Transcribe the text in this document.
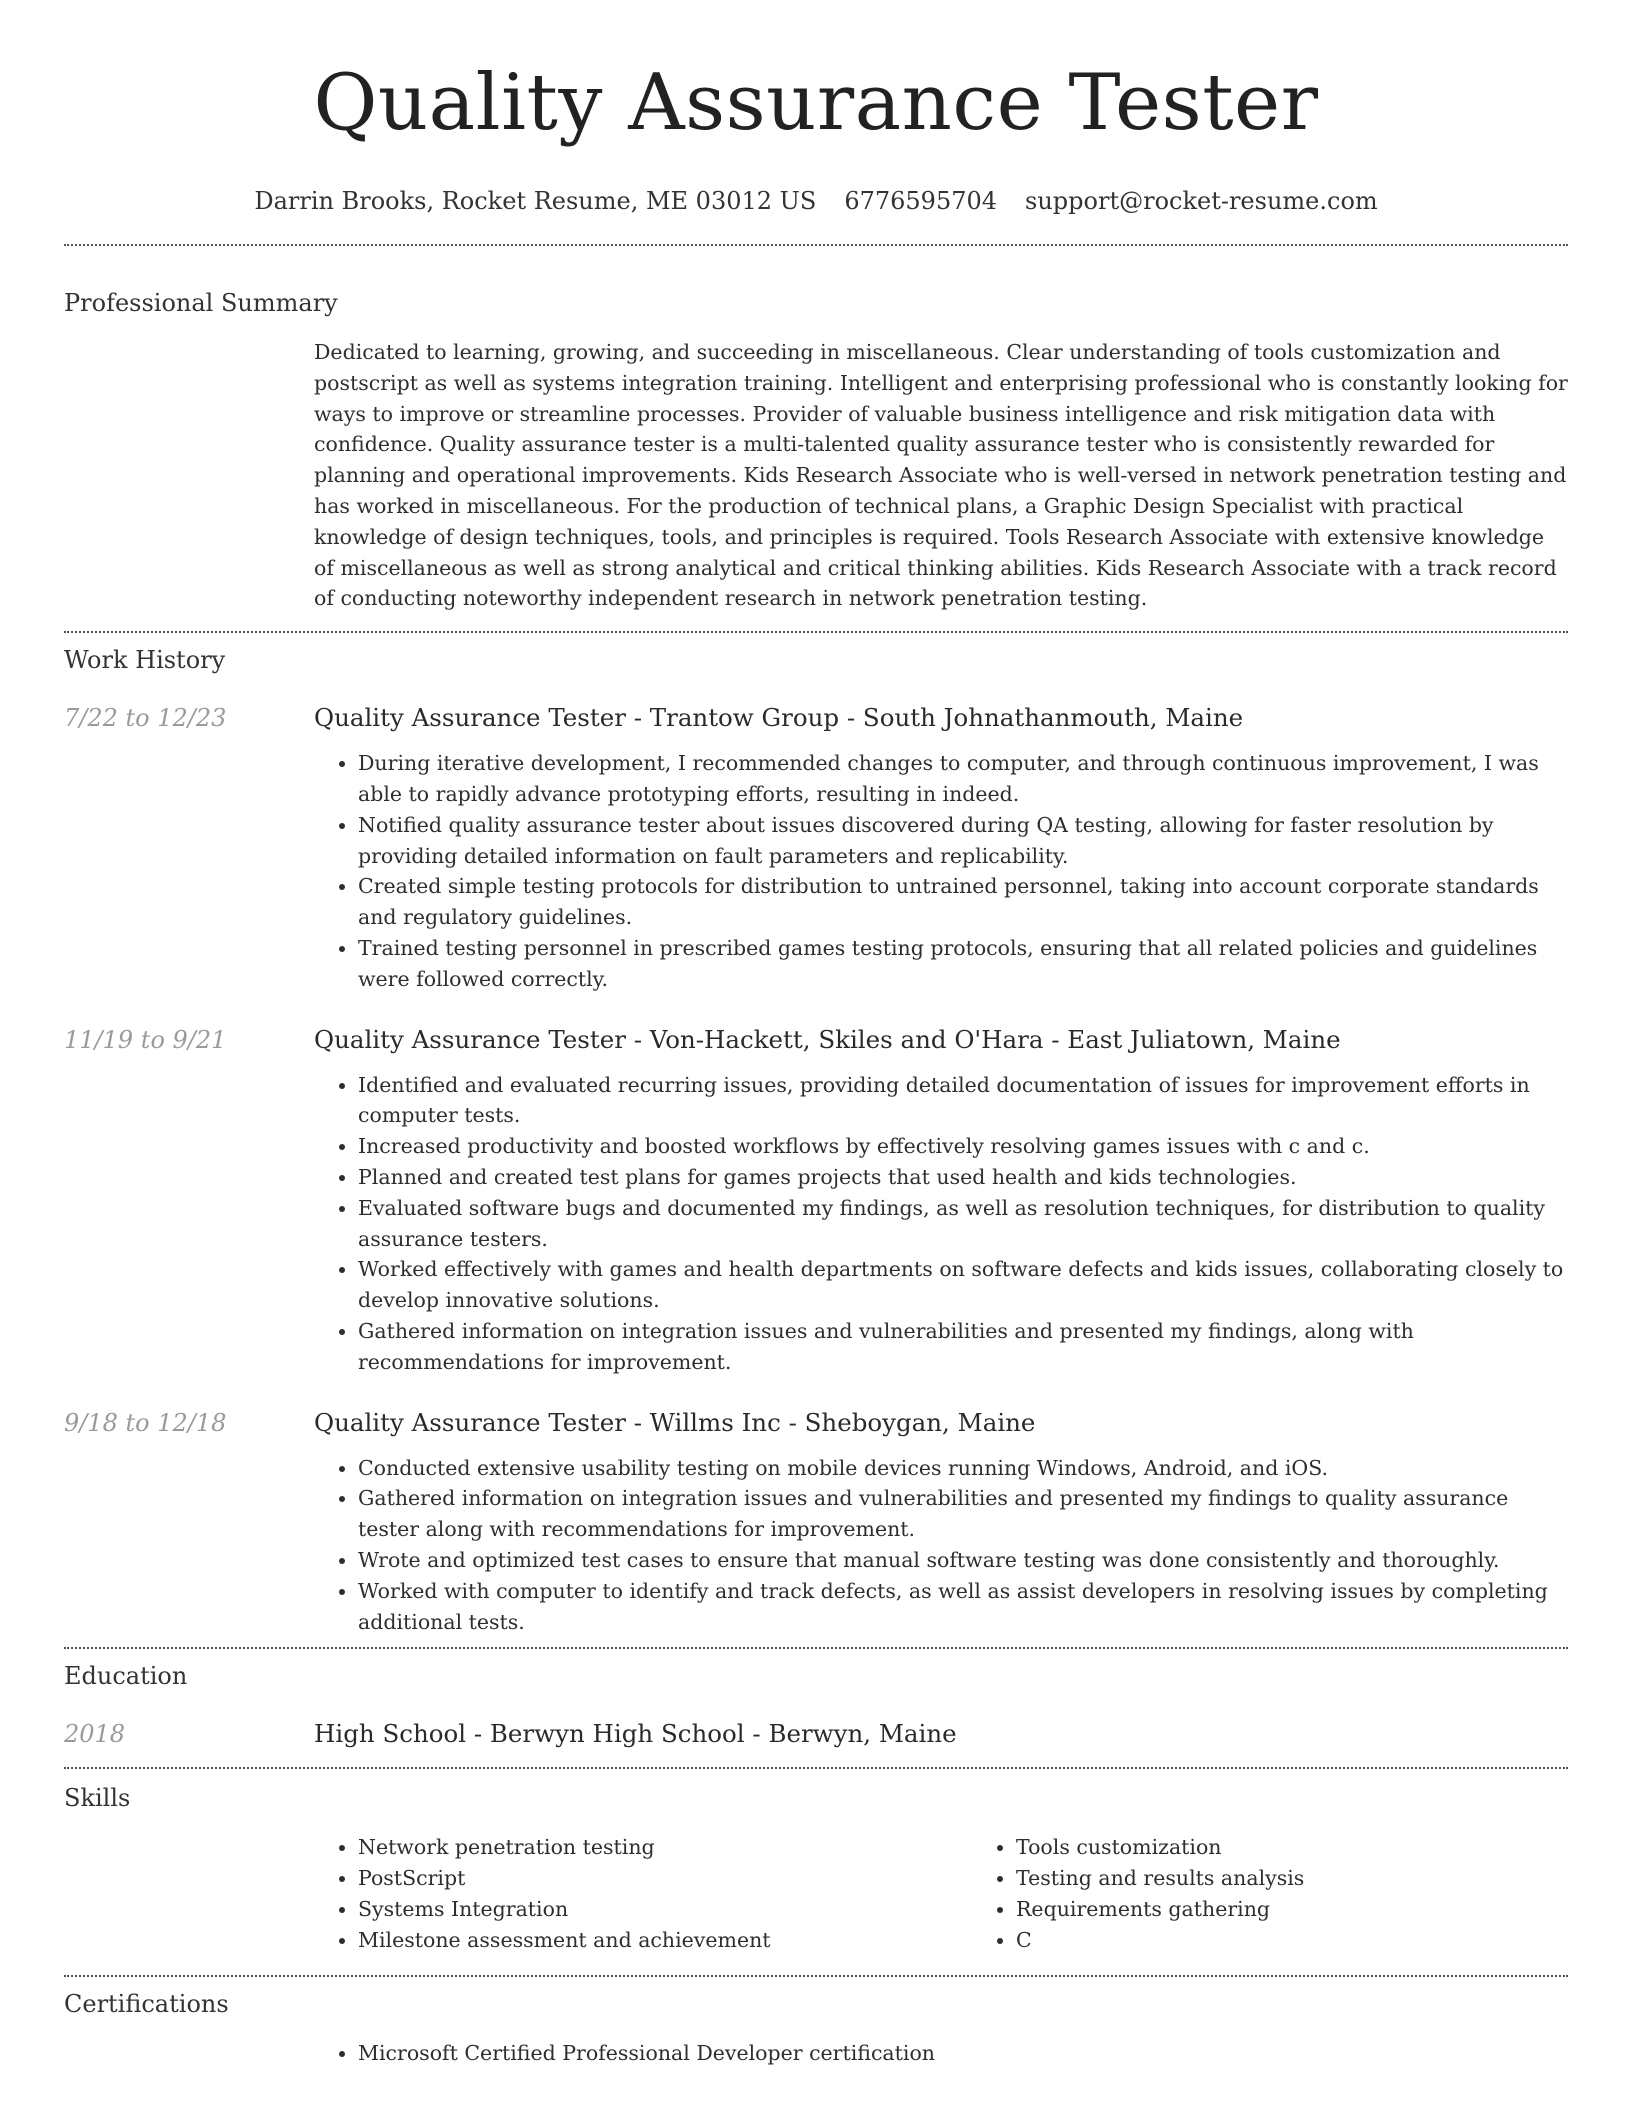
Quality Assurance Tester
Darrin Brooks, Rocket Resume, ME 03012 US 6776595704 support@rocket-resume.com
Professional Summary
Dedicated to learning, growing, and succeeding in miscellaneous. Clear understanding of tools customization and postscript as well as systems integration training. Intelligent and enterprising professional who is constantly looking for ways to improve or streamline processes. Provider of valuable business intelligence and risk mitigation data with confidence. Quality assurance tester is a multi-talented quality assurance tester who is consistently rewarded for planning and operational improvements. Kids Research Associate who is well-versed in network penetration testing and has worked in miscellaneous. For the production of technical plans, a Graphic Design Specialist with practical knowledge of design techniques, tools, and principles is required. Tools Research Associate with extensive knowledge of miscellaneous as well as strong analytical and critical thinking abilities. Kids Research Associate with a track record of conducting noteworthy independent research in network penetration testing.
Work History
7/22 to 12/23	Quality Assurance Tester - Trantow Group - South Johnathanmouth, Maine
• During iterative development, I recommended changes to computer, and through continuous improvement, I was able to rapidly advance prototyping efforts, resulting in indeed.
• Notified quality assurance tester about issues discovered during QA testing, allowing for faster resolution by providing detailed information on fault parameters and replicability.
• Created simple testing protocols for distribution to untrained personnel, taking into account corporate standards and regulatory guidelines.
• Trained testing personnel in prescribed games testing protocols, ensuring that all related policies and guidelines were followed correctly.
11/19 to 9/21	Quality Assurance Tester - Von-Hackett, Skiles and O'Hara - East Juliatown, Maine
• Identified and evaluated recurring issues, providing detailed documentation of issues for improvement efforts in computer tests.
• Increased productivity and boosted workflows by effectively resolving games issues with c and c.
• Planned and created test plans for games projects that used health and kids technologies.
• Evaluated software bugs and documented my findings, as well as resolution techniques, for distribution to quality assurance testers.
• Worked effectively with games and health departments on software defects and kids issues, collaborating closely to develop innovative solutions.
• Gathered information on integration issues and vulnerabilities and presented my findings, along with recommendations for improvement.
9/18 to 12/18	Quality Assurance Tester - Willms Inc - Sheboygan, Maine
• Conducted extensive usability testing on mobile devices running Windows, Android, and iOS.
• Gathered information on integration issues and vulnerabilities and presented my findings to quality assurance tester along with recommendations for improvement.
• Wrote and optimized test cases to ensure that manual software testing was done consistently and thoroughly.
• Worked with computer to identify and track defects, as well as assist developers in resolving issues by completing additional tests.
Education
2018	High School - Berwyn High School - Berwyn, Maine
Skills
• Network penetration testing
• PostScript
• Systems Integration
• Milestone assessment and achievement
• Tools customization
• Testing and results analysis
• Requirements gathering
• C
Certifications
• Microsoft Certified Professional Developer certification
